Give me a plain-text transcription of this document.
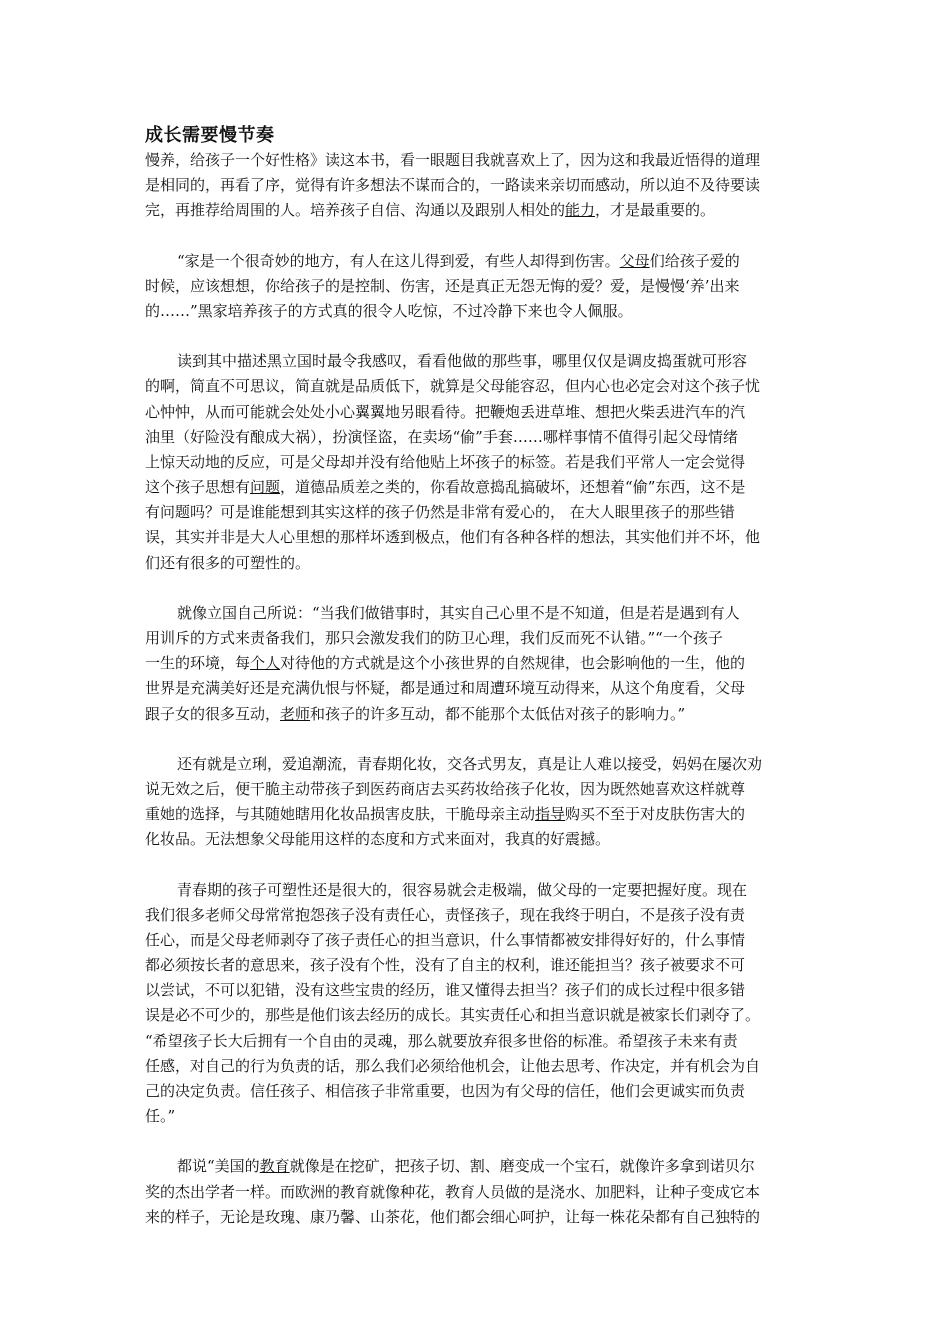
成长需要慢节奏

慢养，给孩子一个好性格》读这本书，看一眼题目我就喜欢上了，因为这和我最近悟得的道理
是相同的，再看了序，觉得有许多想法不谋而合的，一路读来亲切而感动，所以迫不及待要读
完，再推荐给周围的人。培养孩子自信、沟通以及跟别人相处的能力，才是最重要的。

“家是一个很奇妙的地方，有人在这儿得到爱，有些人却得到伤害。父母们给孩子爱的
时候，应该想想，你给孩子的是控制、伤害，还是真正无怨无悔的爱？爱，是慢慢‘养’出来
的……”黑家培养孩子的方式真的很令人吃惊，不过冷静下来也令人佩服。

读到其中描述黑立国时最令我感叹，看看他做的那些事，哪里仅仅是调皮捣蛋就可形容
的啊，简直不可思议，简直就是品质低下，就算是父母能容忍，但内心也必定会对这个孩子忧
心忡忡，从而可能就会处处小心翼翼地另眼看待。把鞭炮丢进草堆、想把火柴丢进汽车的汽
油里（好险没有酿成大祸），扮演怪盗，在卖场“偷”手套……哪样事情不值得引起父母情绪
上惊天动地的反应，可是父母却并没有给他贴上坏孩子的标签。若是我们平常人一定会觉得
这个孩子思想有问题，道德品质差之类的，你看故意捣乱搞破坏，还想着“偷”东西，这不是
有问题吗？可是谁能想到其实这样的孩子仍然是非常有爱心的， 在大人眼里孩子的那些错
误，其实并非是大人心里想的那样坏透到极点，他们有各种各样的想法，其实他们并不坏，他
们还有很多的可塑性的。

就像立国自己所说：“当我们做错事时，其实自己心里不是不知道，但是若是遇到有人
用训斥的方式来责备我们，那只会激发我们的防卫心理，我们反而死不认错。”“一个孩子
一生的环境，每个人对待他的方式就是这个小孩世界的自然规律，也会影响他的一生，他的
世界是充满美好还是充满仇恨与怀疑，都是通过和周遭环境互动得来，从这个角度看，父母
跟子女的很多互动，老师和孩子的许多互动，都不能那个太低估对孩子的影响力。”

还有就是立琍，爱追潮流，青春期化妆，交各式男友，真是让人难以接受，妈妈在屡次劝
说无效之后，便干脆主动带孩子到医药商店去买药妆给孩子化妆，因为既然她喜欢这样就尊
重她的选择，与其随她瞎用化妆品损害皮肤，干脆母亲主动指导购买不至于对皮肤伤害大的
化妆品。无法想象父母能用这样的态度和方式来面对，我真的好震撼。

青春期的孩子可塑性还是很大的，很容易就会走极端，做父母的一定要把握好度。现在
我们很多老师父母常常抱怨孩子没有责任心，责怪孩子，现在我终于明白，不是孩子没有责
任心，而是父母老师剥夺了孩子责任心的担当意识，什么事情都被安排得好好的，什么事情
都必须按长者的意思来，孩子没有个性，没有了自主的权利，谁还能担当？孩子被要求不可
以尝试，不可以犯错，没有这些宝贵的经历，谁又懂得去担当？孩子们的成长过程中很多错
误是必不可少的，那些是他们该去经历的成长。其实责任心和担当意识就是被家长们剥夺了。
“希望孩子长大后拥有一个自由的灵魂，那么就要放弃很多世俗的标准。希望孩子未来有责
任感，对自己的行为负责的话，那么我们必须给他机会，让他去思考、作决定，并有机会为自
己的决定负责。信任孩子、相信孩子非常重要，也因为有父母的信任，他们会更诚实而负责
任。”

都说“美国的教育就像是在挖矿，把孩子切、割、磨变成一个宝石，就像许多拿到诺贝尔
奖的杰出学者一样。而欧洲的教育就像种花，教育人员做的是浇水、加肥料，让种子变成它本
来的样子，无论是玫瑰、康乃馨、山茶花，他们都会细心呵护，让每一株花朵都有自己独特的
